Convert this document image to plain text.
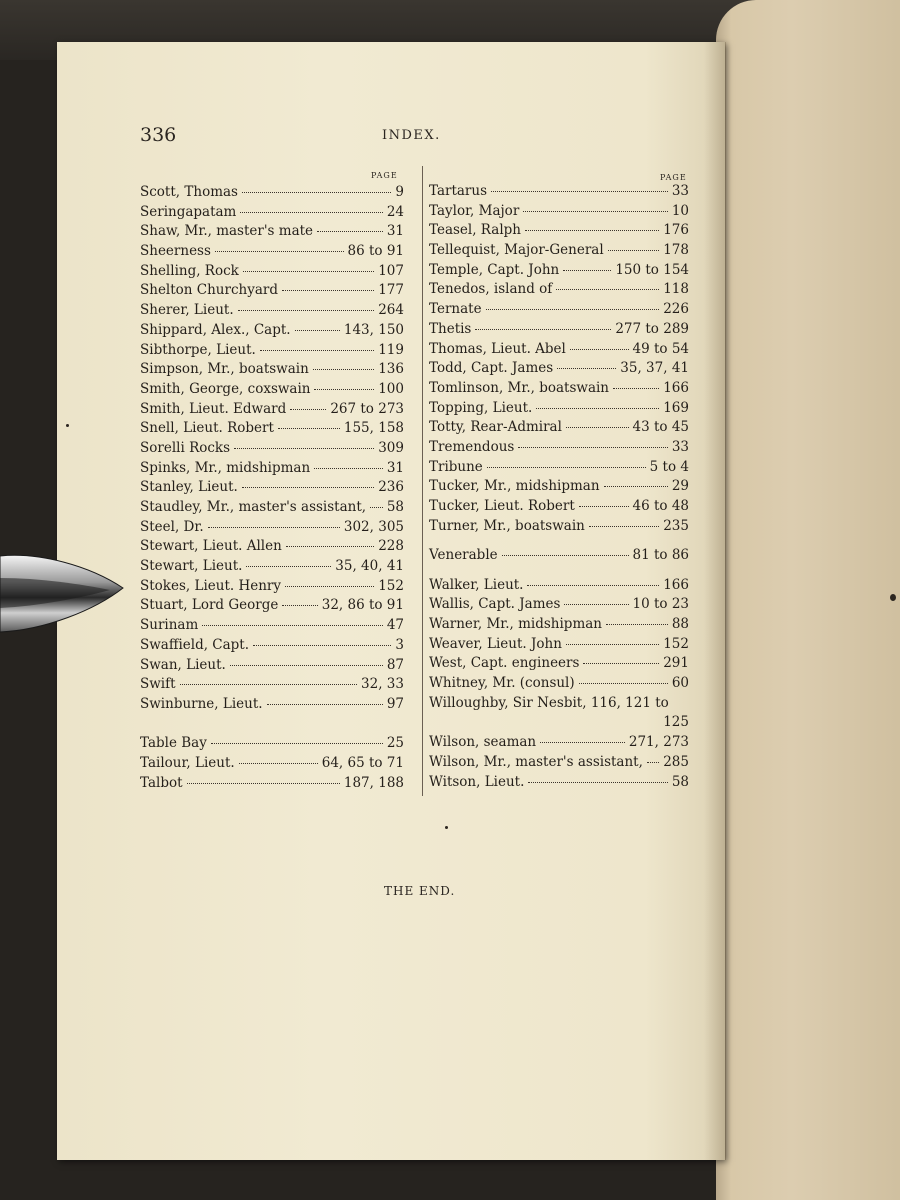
336	INDEX.
PAGE	PAGE
Scott, Thomas	9
Seringapatam	24
Shaw, Mr., master's mate	31
Sheerness	86 to 91
Shelling, Rock	107
Shelton Churchyard	177
Sherer, Lieut.	264
Shippard, Alex., Capt.	143, 150
Sibthorpe, Lieut.	119
Simpson, Mr., boatswain	136
Smith, George, coxswain	100
Smith, Lieut. Edward	267 to 273
Snell, Lieut. Robert	155, 158
Sorelli Rocks	309
Spinks, Mr., midshipman	31
Stanley, Lieut.	236
Staudley, Mr., master's assistant, 58
Steel, Dr.	302, 305
Stewart, Lieut. Allen	228
Stewart, Lieut.	35, 40, 41
Stokes, Lieut. Henry	152
Stuart, Lord George	32, 86 to 91
Surinam	47
Swaffield, Capt.	3
Swan, Lieut.	87
Swift	32, 33
Swinburne, Lieut.	97
Table Bay	25
Tailour, Lieut.	64, 65 to 71
Talbot	187, 188
Tartarus	33
Taylor, Major	10
Teasel, Ralph	176
Tellequist, Major-General	178
Temple, Capt. John	150 to 154
Tenedos, island of	118
Ternate	226
Thetis	277 to 289
Thomas, Lieut. Abel	49 to 54
Todd, Capt. James	35, 37, 41
Tomlinson, Mr., boatswain	166
Topping, Lieut.	169
Totty, Rear-Admiral	43 to 45
Tremendous	33
Tribune	5 to 4
Tucker, Mr., midshipman	29
Tucker, Lieut. Robert	46 to 48
Turner, Mr., boatswain	235
Venerable	81 to 86
Walker, Lieut.	166
Wallis, Capt. James	10 to 23
Warner, Mr., midshipman	88
Weaver, Lieut. John	152
West, Capt. engineers	291
Whitney, Mr. (consul)	60
Willoughby, Sir Nesbit, 116, 121 to
125
Wilson, seaman	271, 273
Wilson, Mr., master's assistant, 285
Witson, Lieut.	58
THE END.
